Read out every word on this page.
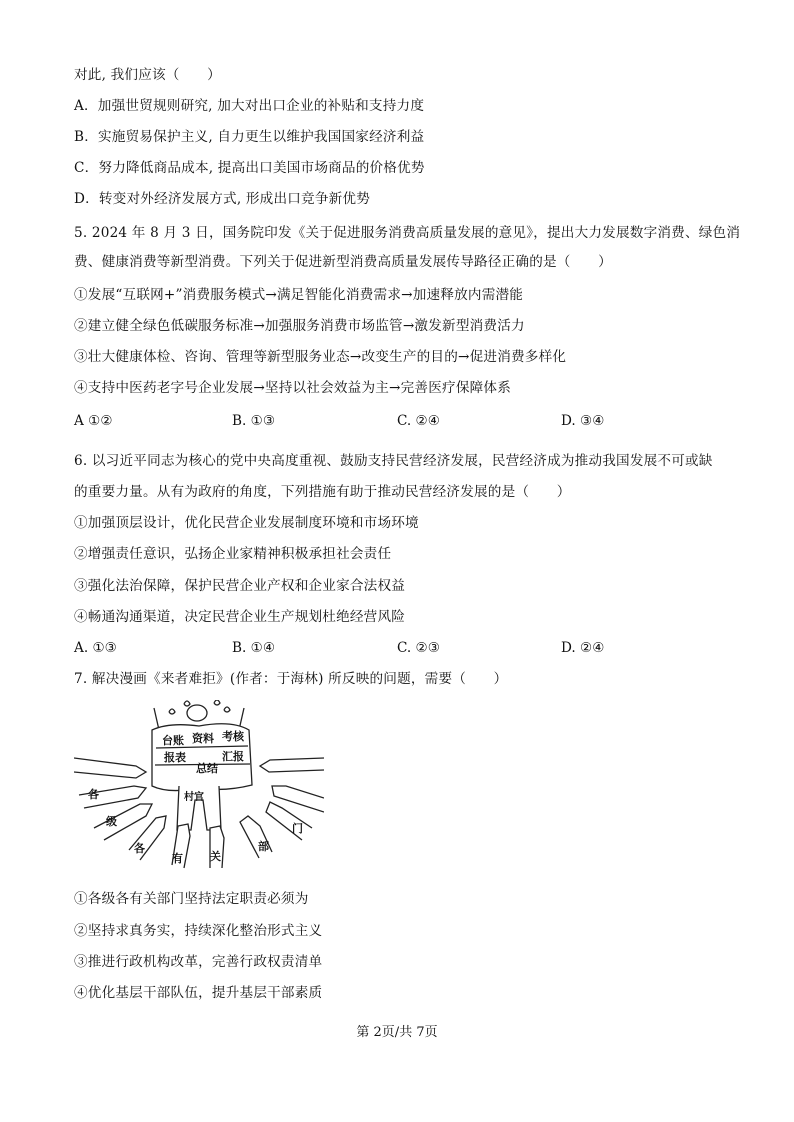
对此, 我们应该（　　）
A．加强世贸规则研究, 加大对出口企业的补贴和支持力度
B．实施贸易保护主义, 自力更生以维护我国国家经济利益
C．努力降低商品成本, 提高出口美国市场商品的价格优势
D．转变对外经济发展方式, 形成出口竞争新优势
5. 2024 年 8 月 3 日，国务院印发《关于促进服务消费高质量发展的意见》，提出大力发展数字消费、绿色消
费、健康消费等新型消费。下列关于促进新型消费高质量发展传导路径正确的是（　　）
①发展“互联网+”消费服务模式→满足智能化消费需求→加速释放内需潜能
②建立健全绿色低碳服务标准→加强服务消费市场监管→激发新型消费活力
③壮大健康体检、咨询、管理等新型服务业态→改变生产的目的→促进消费多样化
④支持中医药老字号企业发展→坚持以社会效益为主→完善医疗保障体系
A ①②	B. ①③	C. ②④	D. ③④
6. 以习近平同志为核心的党中央高度重视、鼓励支持民营经济发展，民营经济成为推动我国发展不可或缺
的重要力量。从有为政府的角度，下列措施有助于推动民营经济发展的是（　　）
①加强顶层设计，优化民营企业发展制度环境和市场环境
②增强责任意识，弘扬企业家精神积极承担社会责任
③强化法治保障，保护民营企业产权和企业家合法权益
④畅通沟通渠道，决定民营企业生产规划杜绝经营风险
A. ①③	B. ①④	C. ②③	D. ②④
7. 解决漫画《来者难拒》(作者：于海林) 所反映的问题，需要（　　）
台账 资料 考核
报表
总结
汇报
村官
各
级
各
有 关
部
门
①各级各有关部门坚持法定职责必须为
②坚持求真务实，持续深化整治形式主义
③推进行政机构改革，完善行政权责清单
④优化基层干部队伍，提升基层干部素质
第 2页/共 7页
